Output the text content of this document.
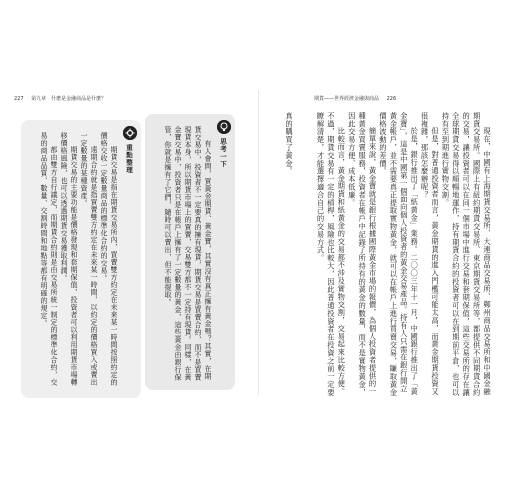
227 第九章　什麼是金融商品是什麼？	期貨——世界經濟金融與商品 226

現在，中國有上海期貨交易所、大連商品交易所、鄭州商品交易所和中國金融期貨交易所。國際上有紐約期貨交易所、東京期貨交易所等，都提供不同期貨合約的交易，讓投資者可以在同一個市場中進行交易和套期保值，這些交易所的存在讓全球期貨交易得以順暢地運作，持有期貨合約的投資者可以在到期前平倉，也可以持有至到期進行實物交割。

但是，對普通投資者而言，黃金期貨的進入門檻可能太高，而黃金期貨投資又很複雜，那該怎麼辦呢？

於是，銀行推出了「紙黃金」業務。二〇〇三年十一月，中國銀行推出了「黃金寶」，這是中國第一個面向個人投資者的黃金交易產品。持有人只需在銀行開立黃金帳戶，並不需要真正提取實物黃金，就可以在帳戶上進行買賣交易，賺取黃金價格波動的差價。

簡單來說，黃金寶就是銀行根據國際黃金市場的報價，為個人投資者提供的一種黃金買賣服務，投資者在帳戶中記錄了所持有的黃金的數量，而不是實物黃金，因此交易方便、成本低廉。

比較而言，黃金期貨和紙黃金的交易都不涉及實物交割，交易起來比較方便。不過，期貨交易有一定的槓桿，風險也比較大，因此普通投資者在投資之前一定要瞭解清楚，才能選擇適合自己的交易方式。

真的購買了黃金。

思考一下

有人會問，買黃金期貨、黃金寶，其實沒有真正擁有黃金嗎？其實，在期貨交易中，投資者不一定要真的擁有現貨，期貨交易是買賣合約，而不是買賣現貨本身，所以期貨市場上的買賣，交易雙方都不一定持有現貨。同樣，在黃金寶交易中，投資者只是在帳戶上擁有了一定數量的黃金，這些黃金由銀行保管，你就是擁有了它們，隨時可以賣出，但不能提取。

重點整理

期貨交易是指在期貨交易所內，買賣雙方約定在未來某一時間按照約定的價格交收一定數量商品的標準化合約的交易。

遠期合約就是指買賣雙方約定在未來某一時間，以約定的價格買入或賣出一定數量的某種資產。

期貨交易的主要功能是價格發現和套期保值，投資者可以利用期貨市場轉移價格風險，也可以透過期貨交易獲取利潤。

都由雙方自行議定，而期貨合約則是由交易所統一制定的標準化合約，交易的商品品質、數量、交割時間和地點等都有明確的規定。
